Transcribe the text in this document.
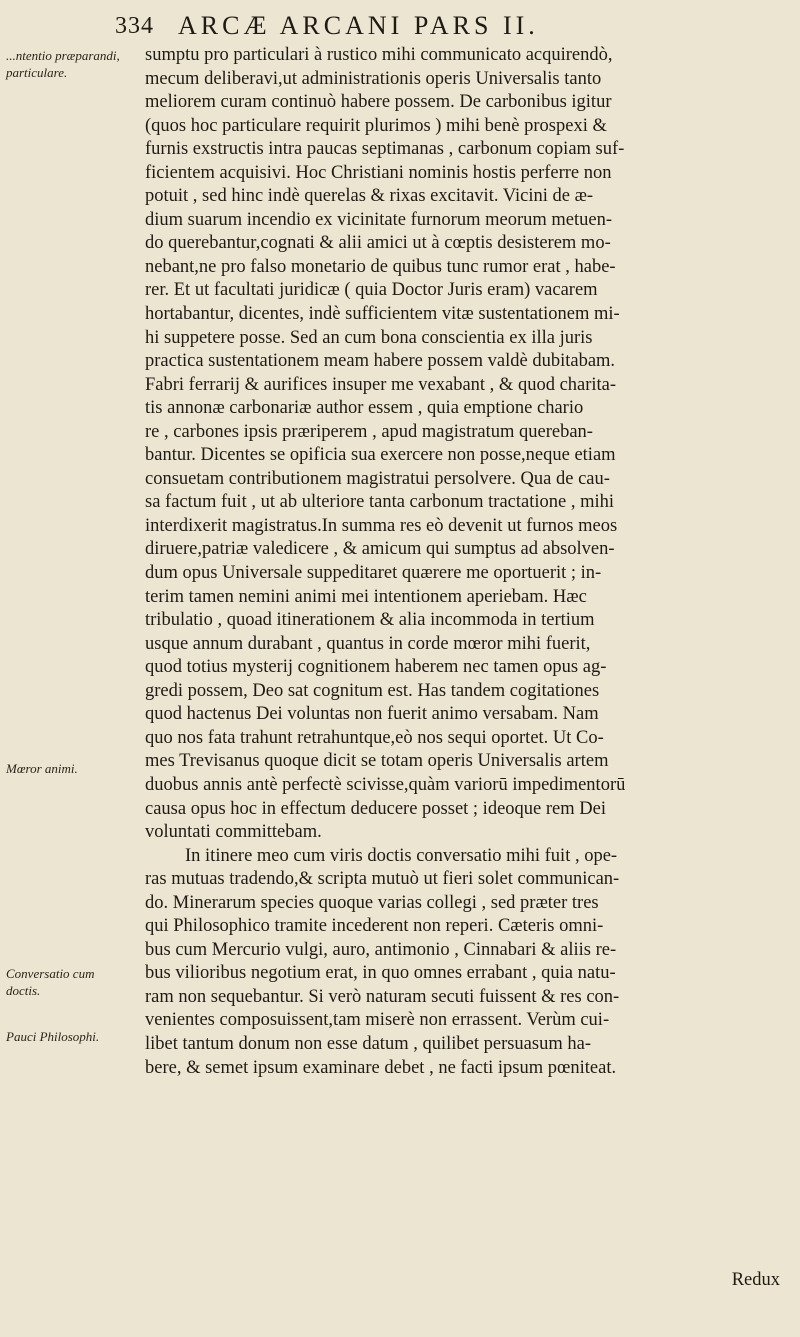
334 ARCÆ ARCANI PARS II.
...ntentio præparandi, particulare.
Mœror animi.
Conversatio cum doctis.
Pauci Philosophi.
sumptu pro particulari à rustico mihi communicato acquirendò,
mecum deliberavi,ut administrationis operis Universalis tanto
meliorem curam continuò habere possem. De carbonibus igitur
(quos hoc particulare requirit plurimos ) mihi benè prospexi &
furnis exstructis intra paucas septimanas , carbonum copiam suf-
ficientem acquisivi. Hoc Christiani nominis hostis perferre non
potuit , sed hinc indè querelas & rixas excitavit. Vicini de æ-
dium suarum incendio ex vicinitate furnorum meorum metuen-
do querebantur,cognati & alii amici ut à cœptis desisterem mo-
nebant,ne pro falso monetario de quibus tunc rumor erat , habe-
rer. Et ut facultati juridicæ ( quia Doctor Juris eram) vacarem
hortabantur, dicentes, indè sufficientem vitæ sustentationem mi-
hi suppetere posse. Sed an cum bona conscientia ex illa juris
practica sustentationem meam habere possem valdè dubitabam.
Fabri ferrarij & aurifices insuper me vexabant , & quod charita-
tis annonæ carbonariæ author essem , quia emptione chario
re , carbones ipsis præriperem , apud magistratum quereban-
bantur. Dicentes se opificia sua exercere non posse,neque etiam
consuetam contributionem magistratui persolvere. Qua de cau-
sa factum fuit , ut ab ulteriore tanta carbonum tractatione , mihi
interdixerit magistratus.In summa res eò devenit ut furnos meos
diruere,patriæ valedicere , & amicum qui sumptus ad absolven-
dum opus Universale suppeditaret quærere me oportuerit ; in-
terim tamen nemini animi mei intentionem aperiebam. Hæc
tribulatio , quoad itinerationem & alia incommoda in tertium
usque annum durabant , quantus in corde mœror mihi fuerit,
quod totius mysterij cognitionem haberem nec tamen opus ag-
gredi possem, Deo sat cognitum est. Has tandem cogitationes
quod hactenus Dei voluntas non fuerit animo versabam. Nam
quo nos fata trahunt retrahuntque,eò nos sequi oportet. Ut Co-
mes Trevisanus quoque dicit se totam operis Universalis artem
duobus annis antè perfectè scivisse,quàm variorū impedimentorū
causa opus hoc in effectum deducere posset ; ideoque rem Dei
voluntati committebam.
In itinere meo cum viris doctis conversatio mihi fuit , ope-
ras mutuas tradendo,& scripta mutuò ut fieri solet communican-
do. Minerarum species quoque varias collegi , sed præter tres
qui Philosophico tramite incederent non reperi. Cæteris omni-
bus cum Mercurio vulgi, auro, antimonio , Cinnabari & aliis re-
bus vilioribus negotium erat, in quo omnes errabant , quia natu-
ram non sequebantur. Si verò naturam secuti fuissent & res con-
venientes composuissent,tam miserè non errassent. Verùm cui-
libet tantum donum non esse datum , quilibet persuasum ha-
bere, & semet ipsum examinare debet , ne facti ipsum pœniteat.
Redux
